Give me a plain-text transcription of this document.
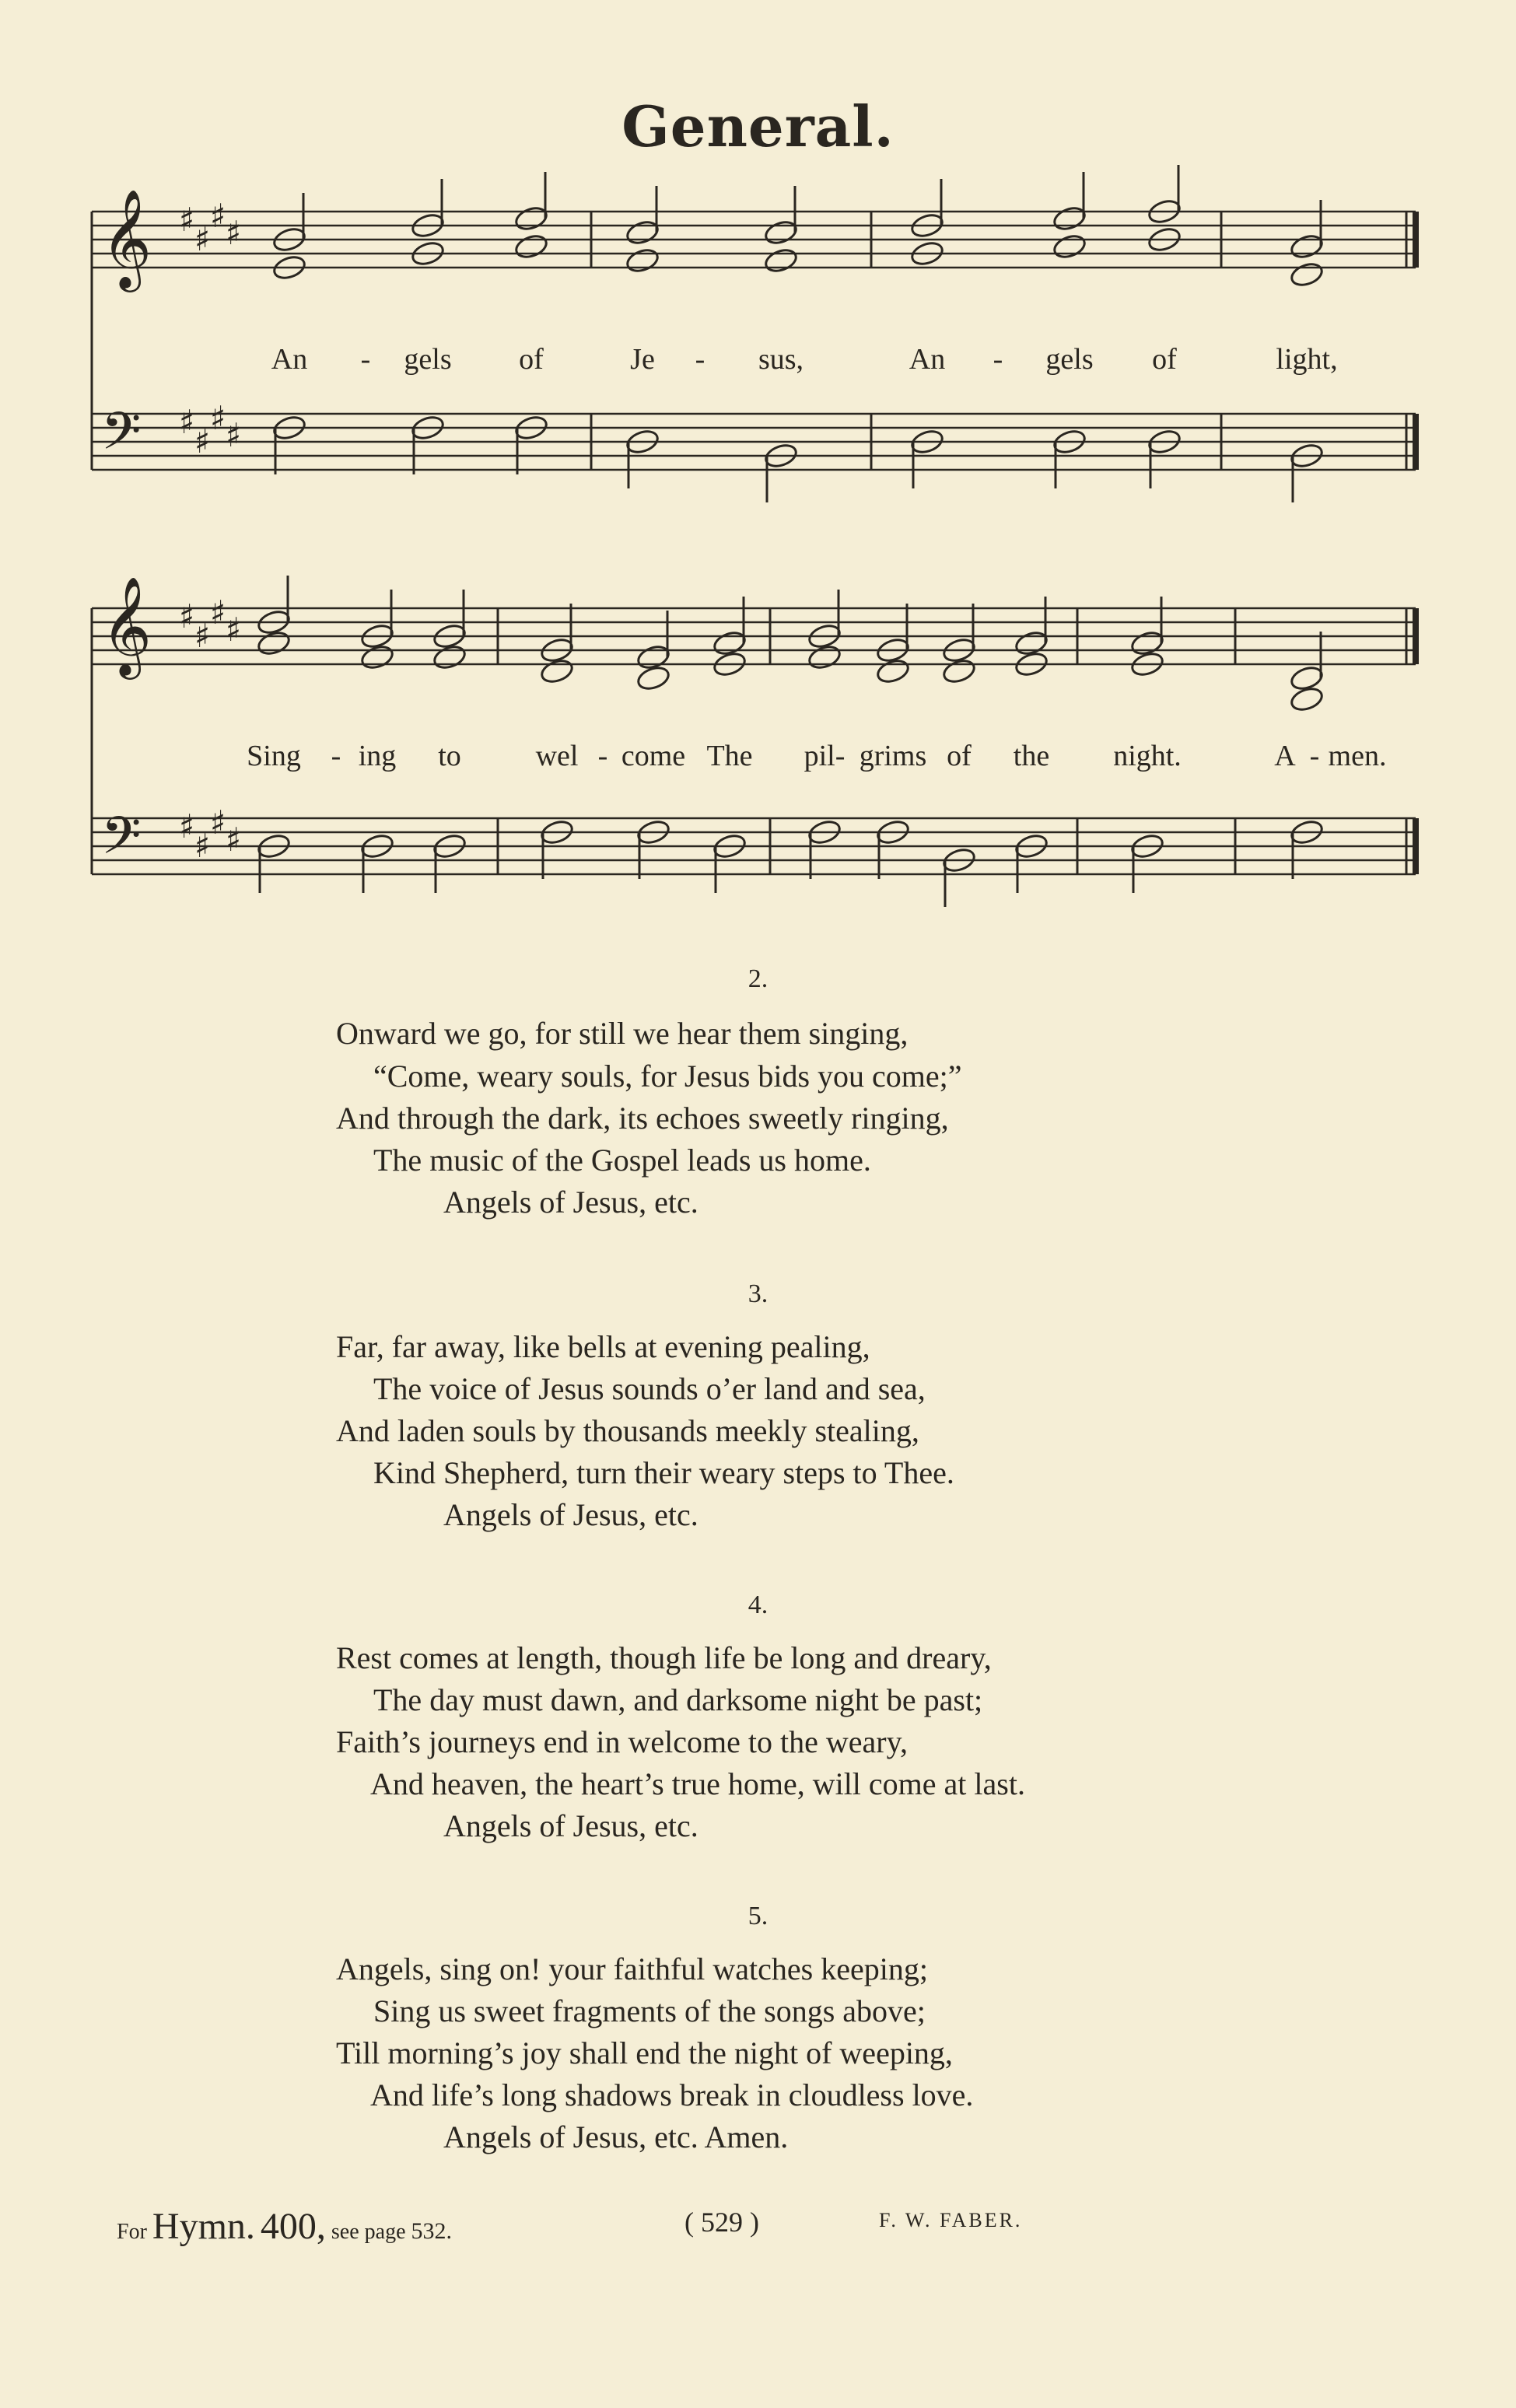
General.
𝄞
𝄞
𝄢
𝄢
♯
♯
♯ ♯
♯
♯
♯ ♯
♯
♯
♯ ♯
♯
♯
♯ ♯
An - gels of	Je - sus,	An - gels of	light,
Sing - ing to	wel - come The pil- grims of the night.	A - men.
2.
Onward we go, for still we hear them singing,
“Come, weary souls, for Jesus bids you come;”
And through the dark, its echoes sweetly ringing,
The music of the Gospel leads us home.
Angels of Jesus, etc.
3.
Far, far away, like bells at evening pealing,
The voice of Jesus sounds o’er land and sea,
And laden souls by thousands meekly stealing,
Kind Shepherd, turn their weary steps to Thee.
Angels of Jesus, etc.
4.
Rest comes at length, though life be long and dreary,
The day must dawn, and darksome night be past;
Faith’s journeys end in welcome to the weary,
And heaven, the heart’s true home, will come at last.
Angels of Jesus, etc.
5.
Angels, sing on! your faithful watches keeping;
Sing us sweet fragments of the songs above;
Till morning’s joy shall end the night of weeping,
And life’s long shadows break in cloudless love.
Angels of Jesus, etc. Amen.
F. W. FABER.
For Hymn. 400, see page 532.	( 529 )
